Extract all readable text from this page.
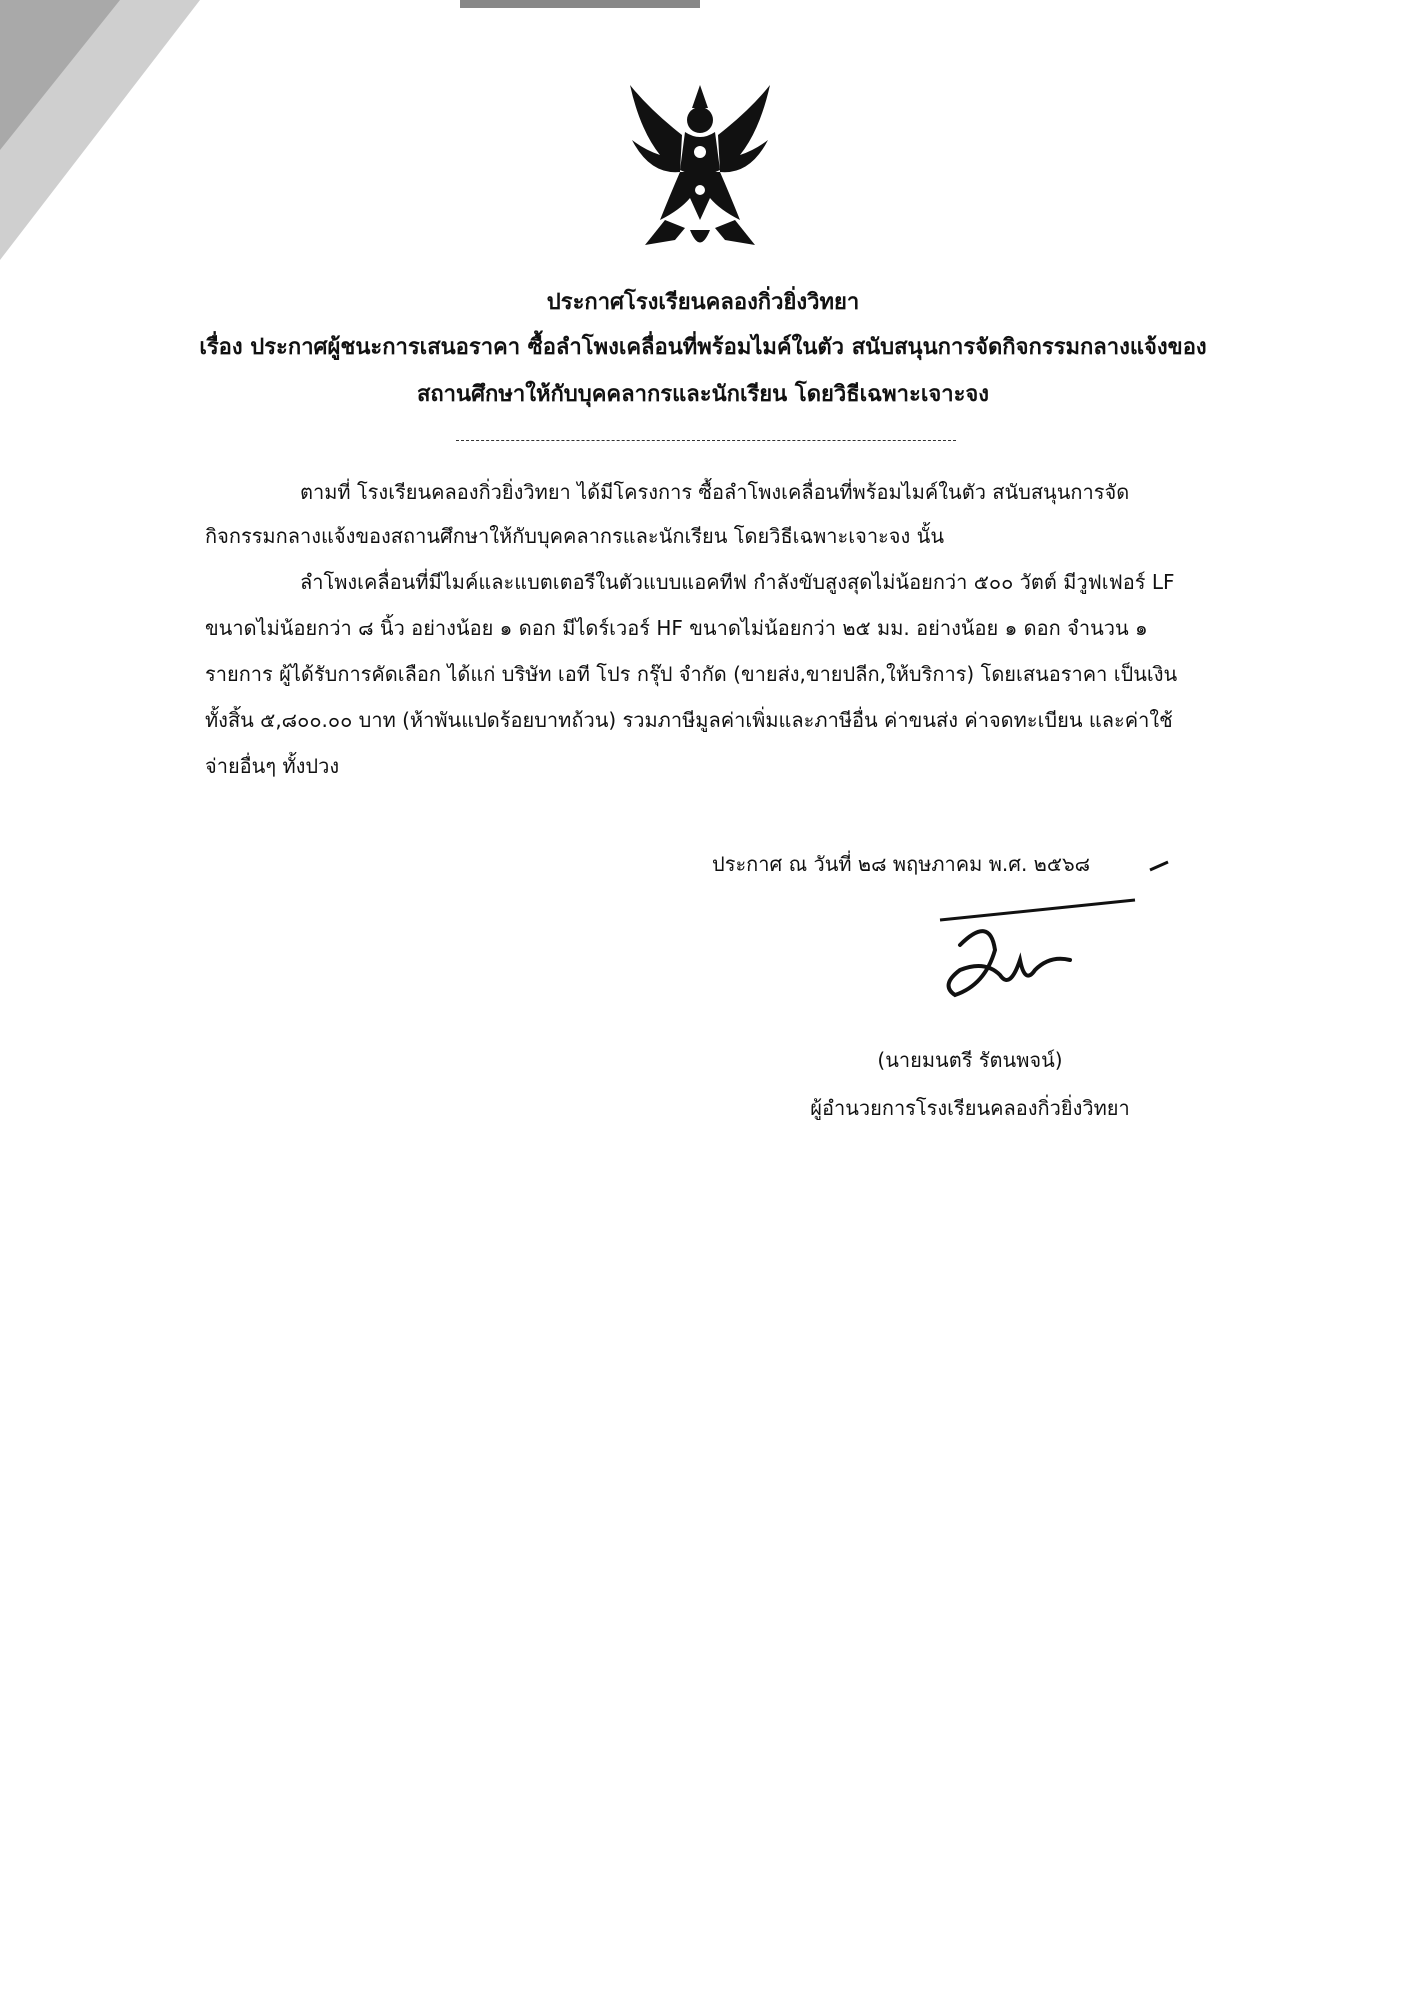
ประกาศโรงเรียนคลองกิ่วยิ่งวิทยา
เรื่อง ประกาศผู้ชนะการเสนอราคา ซื้อลำโพงเคลื่อนที่พร้อมไมค์ในตัว สนับสนุนการจัดกิจกรรมกลางแจ้งของ
สถานศึกษาให้กับบุคคลากรและนักเรียน โดยวิธีเฉพาะเจาะจง
ตามที่ โรงเรียนคลองกิ่วยิ่งวิทยา ได้มีโครงการ ซื้อลำโพงเคลื่อนที่พร้อมไมค์ในตัว สนับสนุนการจัด
กิจกรรมกลางแจ้งของสถานศึกษาให้กับบุคคลากรและนักเรียน โดยวิธีเฉพาะเจาะจง นั้น
ลำโพงเคลื่อนที่มีไมค์และแบตเตอรีในตัวแบบแอคทีฟ กำลังขับสูงสุดไม่น้อยกว่า ๕๐๐ วัตต์ มีวูฟเฟอร์ LF
ขนาดไม่น้อยกว่า ๘ นิ้ว อย่างน้อย ๑ ดอก มีไดร์เวอร์ HF ขนาดไม่น้อยกว่า ๒๕ มม. อย่างน้อย ๑ ดอก จำนวน ๑
รายการ ผู้ได้รับการคัดเลือก ได้แก่ บริษัท เอที โปร กรุ๊ป จำกัด (ขายส่ง,ขายปลีก,ให้บริการ) โดยเสนอราคา เป็นเงิน
ทั้งสิ้น ๕,๘๐๐.๐๐ บาท (ห้าพันแปดร้อยบาทถ้วน) รวมภาษีมูลค่าเพิ่มและภาษีอื่น ค่าขนส่ง ค่าจดทะเบียน และค่าใช้
จ่ายอื่นๆ ทั้งปวง
ประกาศ ณ วันที่ ๒๘ พฤษภาคม พ.ศ. ๒๕๖๘
(นายมนตรี รัตนพจน์)
ผู้อำนวยการโรงเรียนคลองกิ่วยิ่งวิทยา
